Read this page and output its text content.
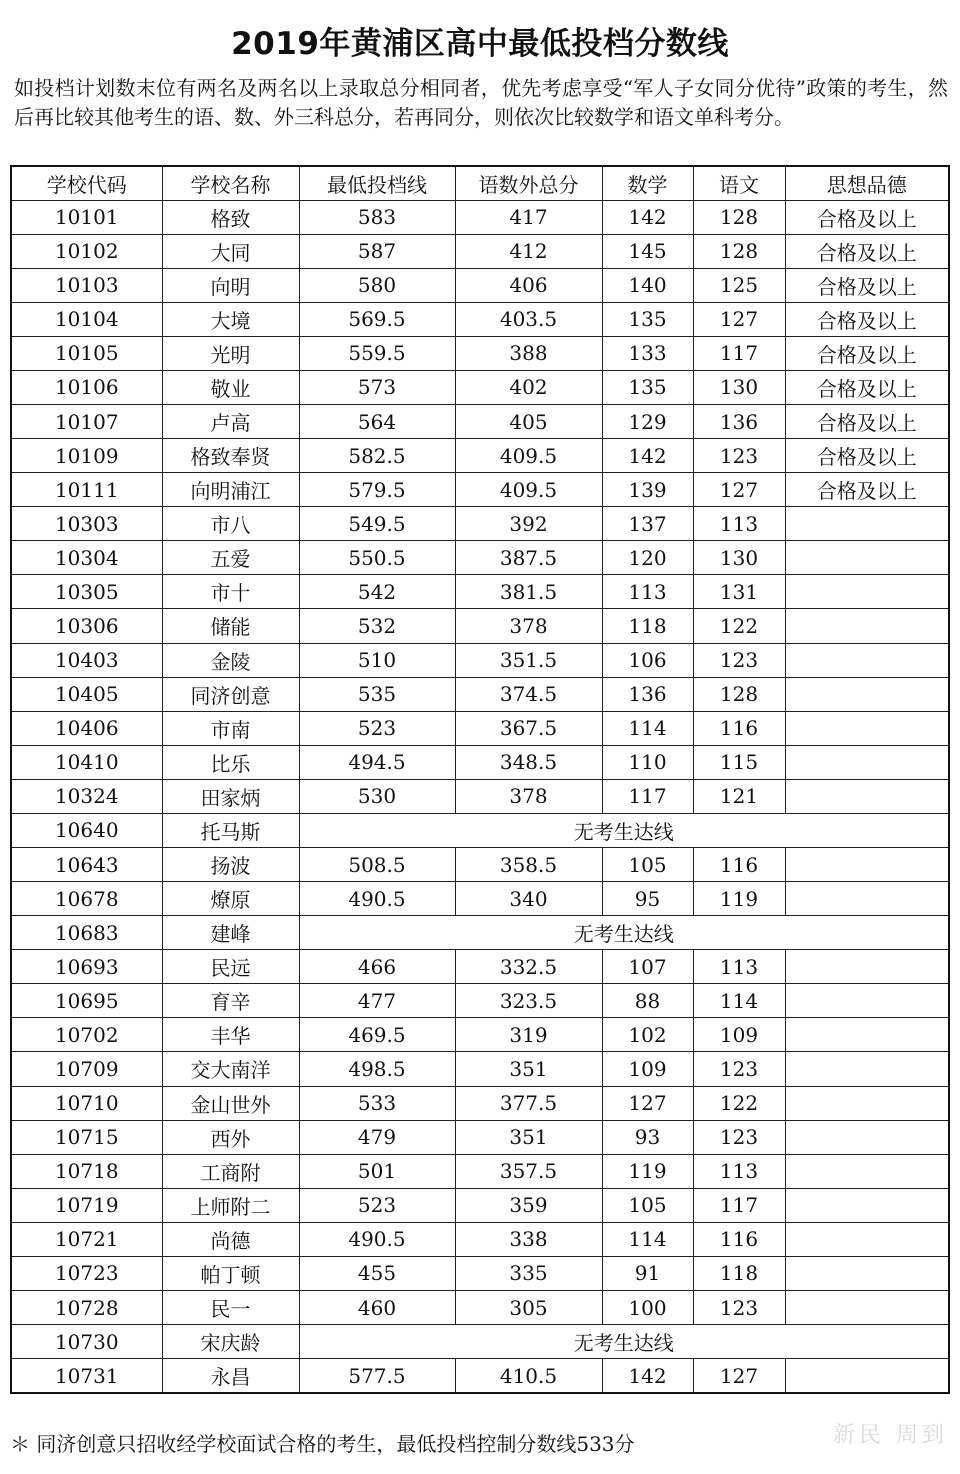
2019年黄浦区高中最低投档分数线
如投档计划数末位有两名及两名以上录取总分相同者，优先考虑享受“军人子女同分优待”政策的考生，然后再比较其他考生的语、数、外三科总分，若再同分，则依次比较数学和语文单科考分。
学校代码	学校名称	最低投档线	语数外总分	数学	语文	思想品德
10101	格致	583	417	142	128	合格及以上
10102	大同	587	412	145	128	合格及以上
10103	向明	580	406	140	125	合格及以上
10104	大境	569.5	403.5	135	127	合格及以上
10105	光明	559.5	388	133	117	合格及以上
10106	敬业	573	402	135	130	合格及以上
10107	卢高	564	405	129	136	合格及以上
10109	格致奉贤	582.5	409.5	142	123	合格及以上
10111	向明浦江	579.5	409.5	139	127	合格及以上
10303	市八	549.5	392	137	113	
10304	五爱	550.5	387.5	120	130	
10305	市十	542	381.5	113	131	
10306	储能	532	378	118	122	
10403	金陵	510	351.5	106	123	
10405	同济创意	535	374.5	136	128	
10406	市南	523	367.5	114	116	
10410	比乐	494.5	348.5	110	115	
10324	田家炳	530	378	117	121	
10640	托马斯	无考生达线				
10643	扬波	508.5	358.5	105	116	
10678	燎原	490.5	340	95	119	
10683	建峰	无考生达线				
10693	民远	466	332.5	107	113	
10695	育辛	477	323.5	88	114	
10702	丰华	469.5	319	102	109	
10709	交大南洋	498.5	351	109	123	
10710	金山世外	533	377.5	127	122	
10715	西外	479	351	93	123	
10718	工商附	501	357.5	119	113	
10719	上师附二	523	359	105	117	
10721	尚德	490.5	338	114	116	
10723	帕丁顿	455	335	91	118	
10728	民一	460	305	100	123	
10730	宋庆龄	无考生达线				
10731	永昌	577.5	410.5	142	127	
＊ 同济创意只招收经学校面试合格的考生，最低投档控制分数线533分	新民 周到
